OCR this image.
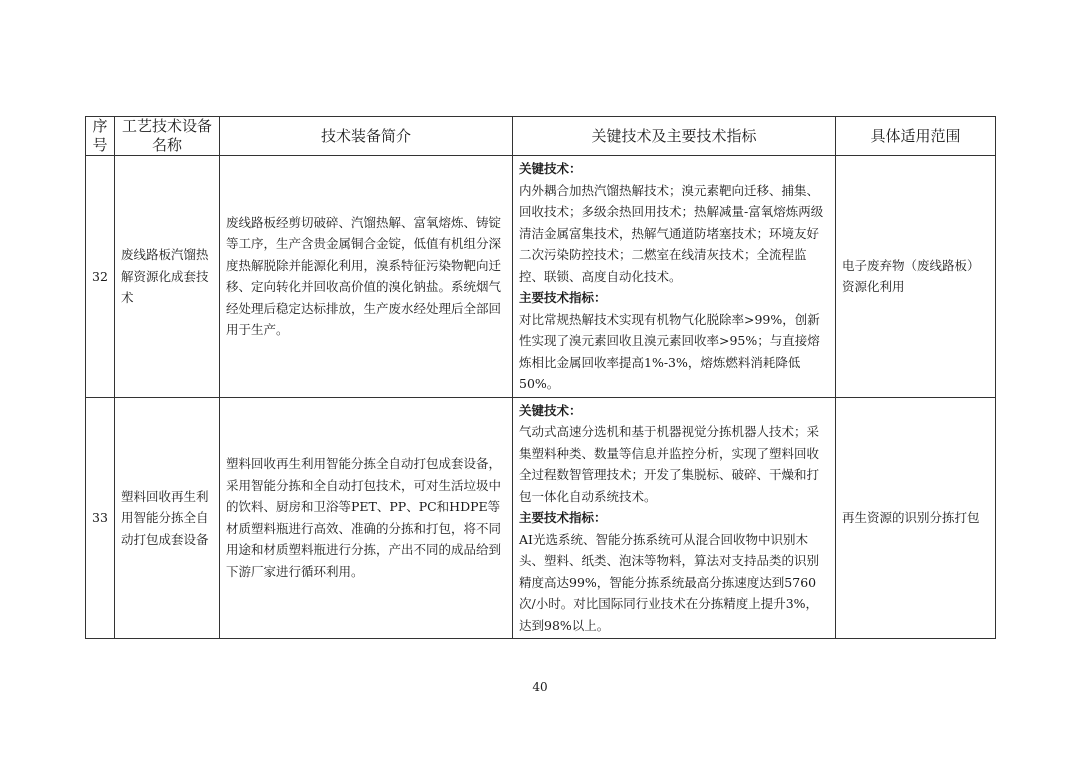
序号	工艺技术设备名称	技术装备简介	关键技术及主要技术指标	具体适用范围
32	废线路板汽馏热解资源化成套技术	废线路板经剪切破碎、汽馏热解、富氧熔炼、铸锭等工序，生产含贵金属铜合金锭，低值有机组分深度热解脱除并能源化利用，溴系特征污染物靶向迁移、定向转化并回收高价值的溴化钠盐。系统烟气经处理后稳定达标排放，生产废水经处理后全部回用于生产。	关键技术：
内外耦合加热汽馏热解技术；溴元素靶向迁移、捕集、回收技术；多级余热回用技术；热解减量-富氧熔炼两级清洁金属富集技术，热解气通道防堵塞技术；环境友好二次污染防控技术；二燃室在线清灰技术；全流程监控、联锁、高度自动化技术。
主要技术指标：
对比常规热解技术实现有机物气化脱除率>99%，创新性实现了溴元素回收且溴元素回收率>95%；与直接熔炼相比金属回收率提高1%-3%，熔炼燃料消耗降低50%。	电子废弃物（废线路板）资源化利用
33	塑料回收再生利用智能分拣全自动打包成套设备	塑料回收再生利用智能分拣全自动打包成套设备，采用智能分拣和全自动打包技术，可对生活垃圾中的饮料、厨房和卫浴等PET、PP、PC和HDPE等材质塑料瓶进行高效、准确的分拣和打包，将不同用途和材质塑料瓶进行分拣，产出不同的成品给到下游厂家进行循环利用。	关键技术：
气动式高速分选机和基于机器视觉分拣机器人技术；采集塑料种类、数量等信息并监控分析，实现了塑料回收全过程数智管理技术；开发了集脱标、破碎、干燥和打包一体化自动系统技术。
主要技术指标：
AI光选系统、智能分拣系统可从混合回收物中识别木头、塑料、纸类、泡沫等物料，算法对支持品类的识别精度高达99%，智能分拣系统最高分拣速度达到5760次/小时。对比国际同行业技术在分拣精度上提升3%，达到98%以上。	再生资源的识别分拣打包
40
